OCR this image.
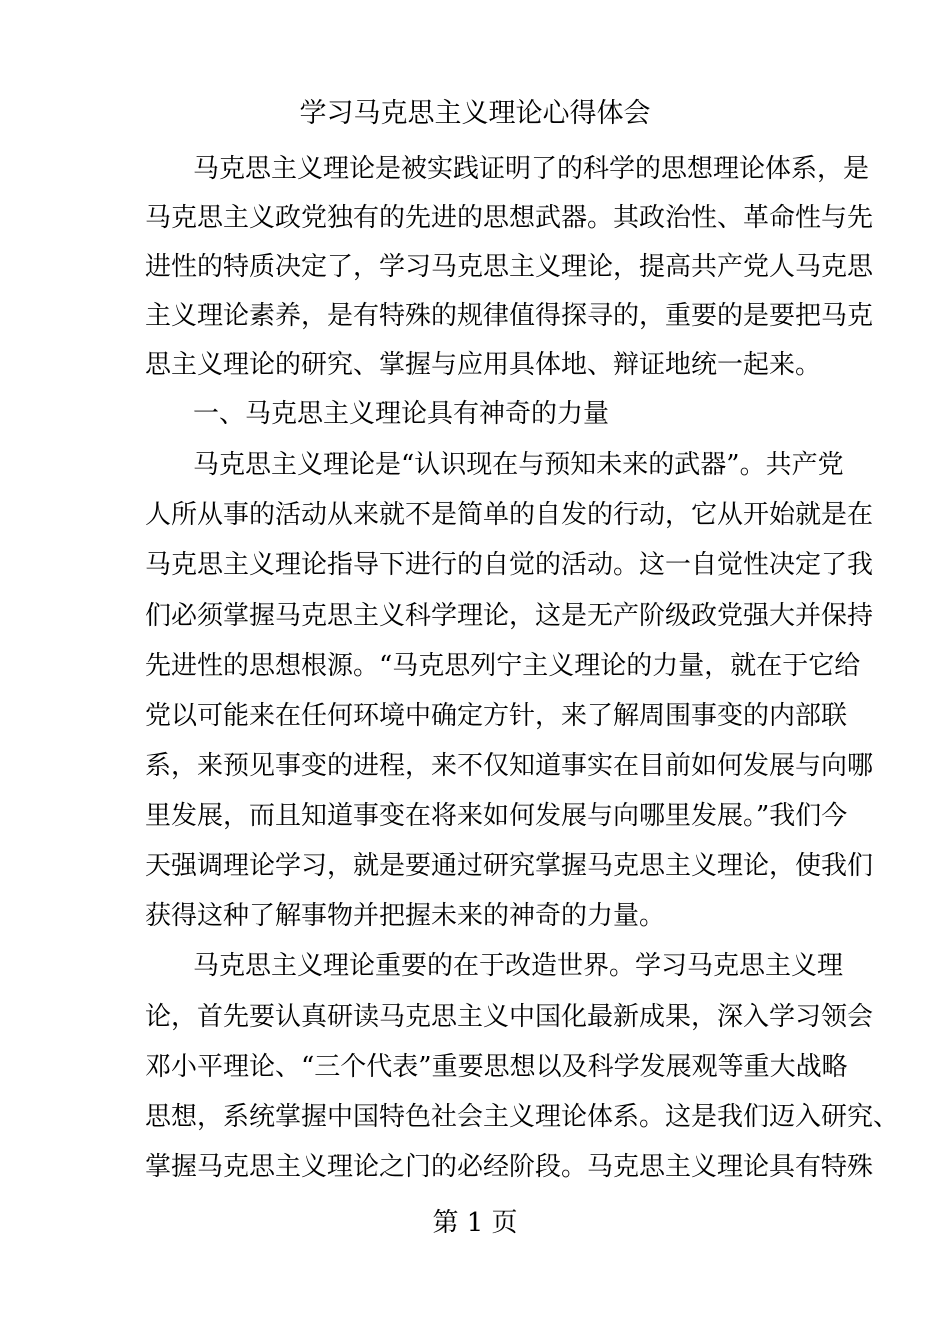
学习马克思主义理论心得体会
马克思主义理论是被实践证明了的科学的思想理论体系，是
马克思主义政党独有的先进的思想武器。其政治性、革命性与先
进性的特质决定了，学习马克思主义理论，提高共产党人马克思
主义理论素养，是有特殊的规律值得探寻的，重要的是要把马克
思主义理论的研究、掌握与应用具体地、辩证地统一起来。
一、马克思主义理论具有神奇的力量
马克思主义理论是“认识现在与预知未来的武器”。共产党
人所从事的活动从来就不是简单的自发的行动，它从开始就是在
马克思主义理论指导下进行的自觉的活动。这一自觉性决定了我
们必须掌握马克思主义科学理论，这是无产阶级政党强大并保持
先进性的思想根源。“马克思列宁主义理论的力量，就在于它给
党以可能来在任何环境中确定方针，来了解周围事变的内部联
系，来预见事变的进程，来不仅知道事实在目前如何发展与向哪
里发展，而且知道事变在将来如何发展与向哪里发展。”我们今
天强调理论学习，就是要通过研究掌握马克思主义理论，使我们
获得这种了解事物并把握未来的神奇的力量。
马克思主义理论重要的在于改造世界。学习马克思主义理
论，首先要认真研读马克思主义中国化最新成果，深入学习领会
邓小平理论、“三个代表”重要思想以及科学发展观等重大战略
思想，系统掌握中国特色社会主义理论体系。这是我们迈入研究、
掌握马克思主义理论之门的必经阶段。马克思主义理论具有特殊
第 1 页
